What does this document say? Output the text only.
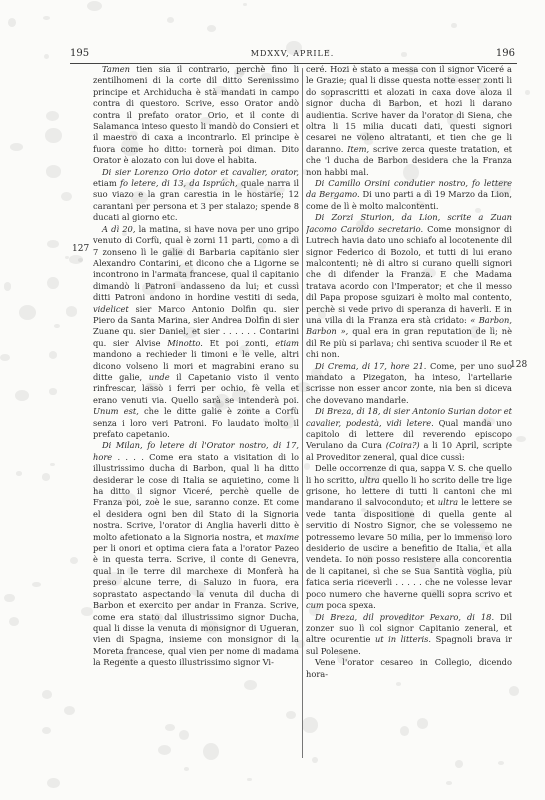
195	MDXXV, APRILE.	196
127
128

Tamen tien sia il contrario, perchè fino li zentilhomeni di la corte dil ditto Serenissimo principe et Archiducha è stà mandati in campo contra di questoro. Scrive, esso Orator andò contra il prefato orator Orio, et il conte di Salamanca inteso questo li mandò do Consieri et il maestro di caxa a incontrarlo. El principe è fuora come ho ditto: tornerà poi diman. Dito Orator è alozato con lui dove el habita.

Di sier Lorenzo Orio dotor et cavalier, orator, etiam fo letere, di 13, da Isprúch, quale narra il suo viazo e la gran carestia in le hostarie; 12 carantani per persona et 3 per stalazo; spende 8 ducati al giorno etc.

A dì 20, la matina, si have nova per uno gripo venuto di Corfù, qual è zorni 11 parti, como a dì 7 zonseno lì le galie di Barbaria capitanio sier Alexandro Contarini, et dicono che a Ligorne se incontrono in l'armata francese, qual il capitanio dimandò li Patroni andasseno da lui; et cussì ditti Patroni andono in hordine vestiti di seda, videlicet sier Marco Antonio Dolfin qu. sier Piero da Santa Marina, sier Andrea Dolfin di sier Zuane qu. sier Daniel, et sier . . . . . . Contarini qu. sier Alvise Minotto. Et poi zonti, etiam mandono a rechieder li timoni e le velle, altri dicono volseno li mori et magrabini erano su ditte galie, unde il Capetanio visto il vento rinfrescar, lassò i ferri per ochio, fè vella et erano venuti via. Quello sarà se intenderà poi. Unum est, che le ditte galie è zonte a Corfù senza i loro veri Patroni. Fo laudato molto il prefato capetanio.

Di Milan, fo letere di l'Orator nostro, di 17, hore . . . . Come era stato a visitation di lo illustrissimo ducha di Barbon, qual li ha ditto desiderar le cose di Italia se aquietino, come li ha ditto il signor Viceré, perchè quelle de Franza poi, zoè le sue, saranno conze. Et come el desidera ogni ben dil Stato di la Signoria nostra. Scrive, l'orator di Anglia haverli ditto è molto afetionato a la Signoria nostra, et maxime per li onori et optima ciera fata a l'orator Pazeo è in questa terra. Scrive, il conte di Genevra, qual in le terre dil marchexe di Monferà ha preso alcune terre, di Saluzo in fuora, era soprastato aspectando la venuta dil ducha di Barbon et exercito per andar in Franza. Scrive, come era stato dal illustrissimo signor Ducha, qual li disse la venuta di monsignor di Ugueran, vien di Spagna, insieme con monsignor di la Moreta francese, qual vien per nome di madama la Regente a questo illustrissimo signor Vi-

ceré. Hozi è stato a messa con il signor Viceré a le Grazie; qual li disse questa notte esser zonti li do soprascritti et alozati in caxa dove aloza il signor ducha di Barbon, et hozi li darano audientia. Scrive haver da l'orator di Siena, che oltra li 15 milia ducati dati, questi signori cesarei ne voleno altratanti, et tien che ge li daranno. Item, scrive zerca queste tratation, et che 'l ducha de Barbon desidera che la Franza non habbi mal.

Di Camillo Orsini condutier nostro, fo lettere da Bergamo. Di uno parti a dì 19 Marzo da Lion, come de lì è molto malcontenti.

Di Zorzi Sturion, da Lion, scrite a Zuan Jacomo Caroldo secretario. Come monsignor di Lutrech havia dato uno schiafo al locotenente dil signor Federico di Bozolo, et tutti di lui erano malcontenti; nè di altro si curano quelli signori che di difender la Franza. E che Madama tratava acordo con l'Imperator; et che il messo dil Papa propose sguizari è molto mal contento, perchè si vede privo di speranza di haverli. E in una villa di la Franza era stà cridato: « Barbon, Barbon », qual era in gran reputation de lì; nè dil Re più si parlava; chi sentiva scuoder il Re et chi non.

Di Crema, di 17, hore 21. Come, per uno suo mandato a Pizegaton, ha inteso, l'artellarie scrisse non esser ancor zonte, nia ben si diceva che dovevano mandarle.

Di Breza, di 18, di sier Antonio Surian dotor et cavalier, podestà, vidi letere. Qual manda uno capitolo di lettere dil reverendo episcopo Verulano da Cura (Coira?) a li 10 April, scripte al Proveditor zeneral, qual dice cussì:

Delle occorrenze di qua, sappa V. S. che quello li ho scritto, ultra quello li ho scrito delle tre lige grisone, ho lettere di tutti li cantoni che mi mandarano il salvoconduto; et ultra le lettere se vede tanta dispositione di quella gente al servitio di Nostro Signor, che se volessemo ne potressemo levare 50 milia, per lo immenso loro desiderio de uscire a benefitio de Italia, et alla vendeta. Io non posso resistere alla concorentia de li capitanei, sì che se Sua Santità voglia, più fatica seria riceverli . . . . . che ne volesse levar poco numero che haverne quelli sopra scrivo et cum poca spexa.

Di Breza, dil proveditor Pexaro, di 18. Dil zonzer suo lì col signor Capitanio zeneral, et altre ocurentie ut in litteris. Spagnoli brava ir sul Polesene.

Vene l'orator cesareo in Collegio, dicendo hora-
